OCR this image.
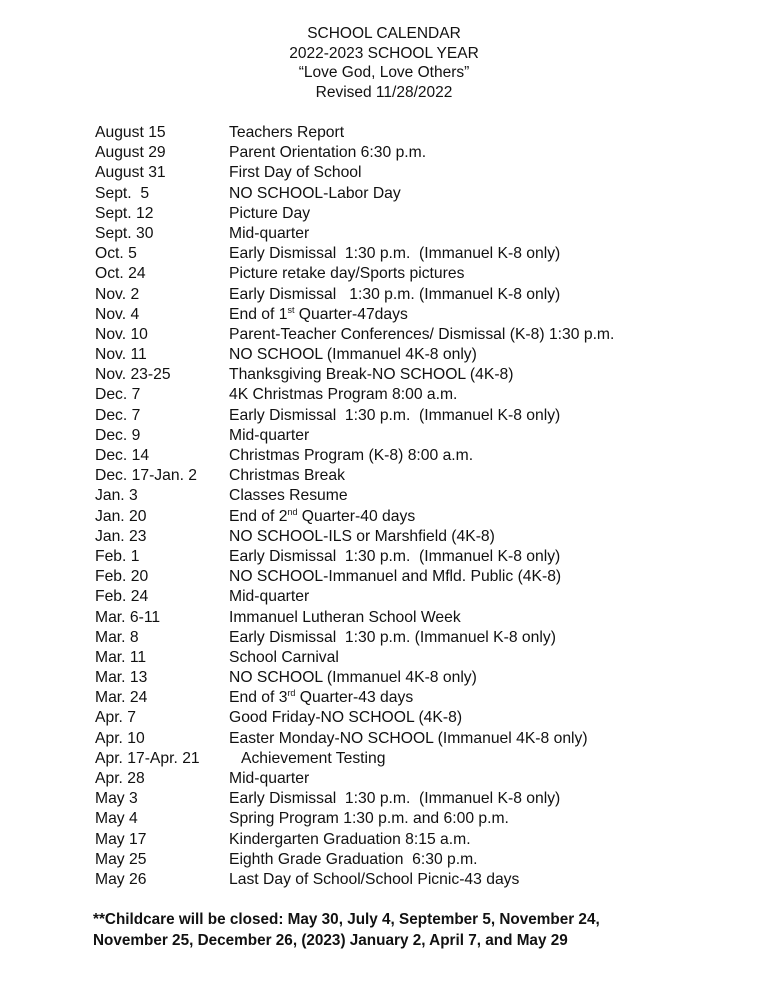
SCHOOL CALENDAR
2022-2023 SCHOOL YEAR
“Love God, Love Others”
Revised 11/28/2022
August 15	Teachers Report
August 29	Parent Orientation 6:30 p.m.
August 31	First Day of School
Sept.  5	NO SCHOOL-Labor Day
Sept. 12	Picture Day
Sept. 30	Mid-quarter
Oct. 5	Early Dismissal  1:30 p.m.  (Immanuel K-8 only)
Oct. 24	Picture retake day/Sports pictures
Nov. 2	Early Dismissal   1:30 p.m. (Immanuel K-8 only)
Nov. 4	End of 1st Quarter-47days
Nov. 10	Parent-Teacher Conferences/ Dismissal (K-8) 1:30 p.m.
Nov. 11	NO SCHOOL (Immanuel 4K-8 only)
Nov. 23-25	Thanksgiving Break-NO SCHOOL (4K-8)
Dec. 7	4K Christmas Program 8:00 a.m.
Dec. 7	Early Dismissal  1:30 p.m.  (Immanuel K-8 only)
Dec. 9	Mid-quarter
Dec. 14	Christmas Program (K-8) 8:00 a.m.
Dec. 17-Jan. 2 Christmas Break
Jan. 3	Classes Resume
Jan. 20	End of 2nd Quarter-40 days
Jan. 23	NO SCHOOL-ILS or Marshfield (4K-8)
Feb. 1	Early Dismissal  1:30 p.m.  (Immanuel K-8 only)
Feb. 20	NO SCHOOL-Immanuel and Mfld. Public (4K-8)
Feb. 24	Mid-quarter
Mar. 6-11	Immanuel Lutheran School Week
Mar. 8	Early Dismissal  1:30 p.m. (Immanuel K-8 only)
Mar. 11	School Carnival
Mar. 13	NO SCHOOL (Immanuel 4K-8 only)
Mar. 24	End of 3rd Quarter-43 days
Apr. 7	Good Friday-NO SCHOOL (4K-8)
Apr. 10	Easter Monday-NO SCHOOL (Immanuel 4K-8 only)
Apr. 17-Apr. 21	Achievement Testing
Apr. 28	Mid-quarter
May 3	Early Dismissal  1:30 p.m.  (Immanuel K-8 only)
May 4	Spring Program 1:30 p.m. and 6:00 p.m.
May 17	Kindergarten Graduation 8:15 a.m.
May 25	Eighth Grade Graduation  6:30 p.m.
May 26	Last Day of School/School Picnic-43 days
**Childcare will be closed: May 30, July 4, September 5, November 24,
November 25, December 26, (2023) January 2, April 7, and May 29
